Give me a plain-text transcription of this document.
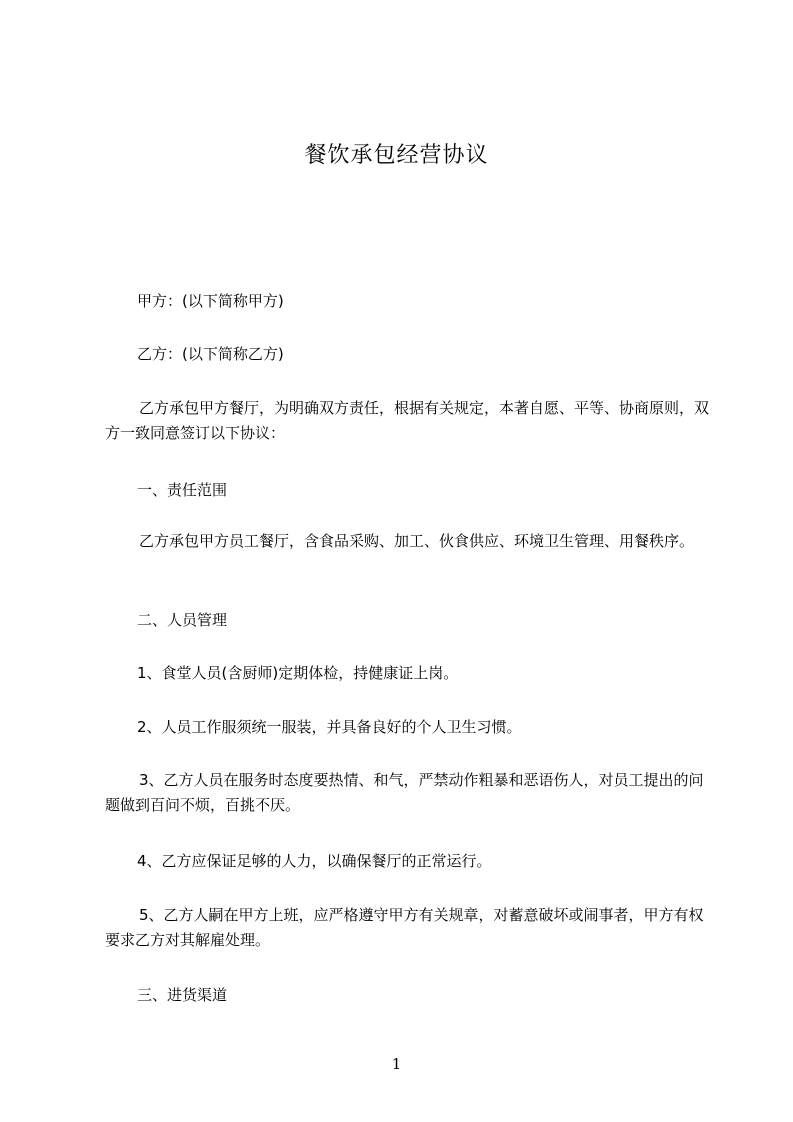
餐饮承包经营协议

甲方：(以下简称甲方)

乙方：(以下简称乙方)

乙方承包甲方餐厅，为明确双方责任，根据有关规定，本著自愿、平等、协商原则，双方一致同意签订以下协议：

一、责任范围

乙方承包甲方员工餐厅，含食品采购、加工、伙食供应、环境卫生管理、用餐秩序。

二、人员管理

1、食堂人员(含厨师)定期体检，持健康证上岗。

2、人员工作服须统一服装，并具备良好的个人卫生习惯。

3、乙方人员在服务时态度要热情、和气，严禁动作粗暴和恶语伤人，对员工提出的问题做到百问不烦，百挑不厌。

4、乙方应保证足够的人力，以确保餐厅的正常运行。

5、乙方人嗣在甲方上班，应严格遵守甲方有关规章，对蓄意破坏或闹事者，甲方有权要求乙方对其解雇处理。

三、进货渠道

1
